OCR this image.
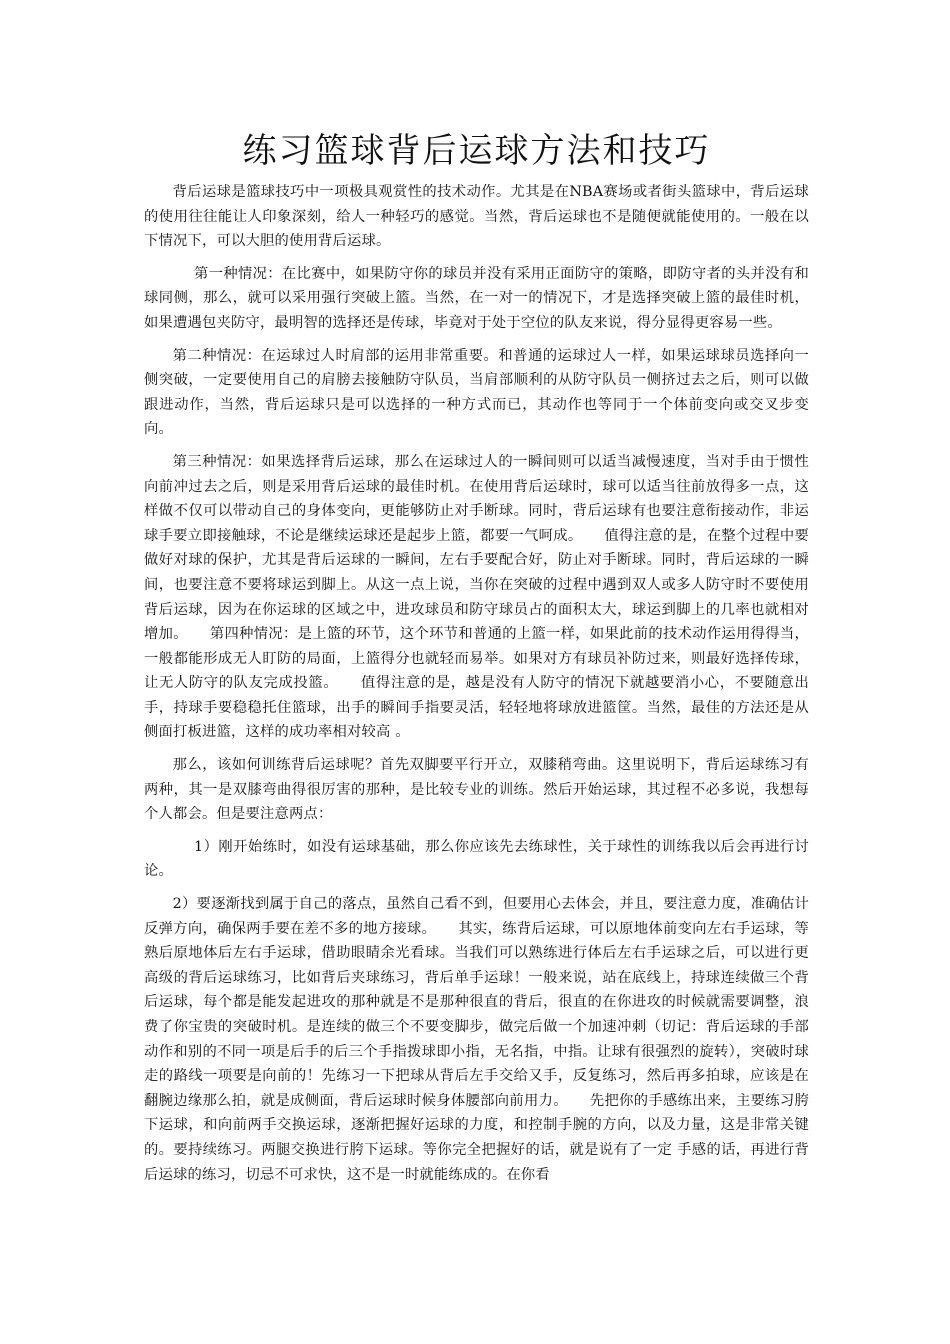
练习篮球背后运球方法和技巧

背后运球是篮球技巧中一项极具观赏性的技术动作。尤其是在NBA赛场或者街头篮球中，背后运球的使用往往能让人印象深刻，给人一种轻巧的感觉。当然，背后运球也不是随便就能使用的。一般在以下情况下，可以大胆的使用背后运球。

第一种情况：在比赛中，如果防守你的球员并没有采用正面防守的策略，即防守者的头并没有和球同侧，那么，就可以采用强行突破上篮。当然，在一对一的情况下，才是选择突破上篮的最佳时机，如果遭遇包夹防守，最明智的选择还是传球，毕竟对于处于空位的队友来说，得分显得更容易一些。

第二种情况：在运球过人时肩部的运用非常重要。和普通的运球过人一样，如果运球球员选择向一侧突破，一定要使用自己的肩膀去接触防守队员，当肩部顺利的从防守队员一侧挤过去之后，则可以做跟进动作，当然，背后运球只是可以选择的一种方式而已，其动作也等同于一个体前变向或交叉步变向。

第三种情况：如果选择背后运球，那么在运球过人的一瞬间则可以适当减慢速度，当对手由于惯性向前冲过去之后，则是采用背后运球的最佳时机。在使用背后运球时，球可以适当往前放得多一点，这样做不仅可以带动自己的身体变向，更能够防止对手断球。同时，背后运球有也要注意衔接动作，非运球手要立即接触球，不论是继续运球还是起步上篮，都要一气呵成。　　值得注意的是，在整个过程中要做好对球的保护，尤其是背后运球的一瞬间，左右手要配合好，防止对手断球。同时，背后运球的一瞬间，也要注意不要将球运到脚上。从这一点上说，当你在突破的过程中遇到双人或多人防守时不要使用背后运球，因为在你运球的区域之中，进攻球员和防守球员占的面积太大，球运到脚上的几率也就相对增加。　　第四种情况：是上篮的环节，这个环节和普通的上篮一样，如果此前的技术动作运用得得当，一般都能形成无人盯防的局面，上篮得分也就轻而易举。如果对方有球员补防过来，则最好选择传球，让无人防守的队友完成投篮。　　值得注意的是，越是没有人防守的情况下就越要消小心，不要随意出手，持球手要稳稳托住篮球，出手的瞬间手指要灵活，轻轻地将球放进篮筐。当然，最佳的方法还是从侧面打板进篮，这样的成功率相对较高 。

那么，该如何训练背后运球呢？首先双脚要平行开立，双膝稍弯曲。这里说明下，背后运球练习有两种，其一是双膝弯曲得很厉害的那种，是比较专业的训练。然后开始运球，其过程不必多说，我想每个人都会。但是要注意两点：

1）刚开始练时，如没有运球基础，那么你应该先去练球性，关于球性的训练我以后会再进行讨论。

2）要逐渐找到属于自己的落点，虽然自己看不到，但要用心去体会，并且，要注意力度，准确估计反弹方向，确保两手要在差不多的地方接球。　　其实，练背后运球，可以原地体前变向左右手运球，等熟后原地体后左右手运球，借助眼睛余光看球。当我们可以熟练进行体后左右手运球之后，可以进行更高级的背后运球练习，比如背后夹球练习，背后单手运球！一般来说，站在底线上，持球连续做三个背后运球，每个都是能发起进攻的那种就是不是那种很直的背后，很直的在你进攻的时候就需要调整，浪费了你宝贵的突破时机。是连续的做三个不要变脚步，做完后做一个加速冲刺（切记：背后运球的手部动作和别的不同一项是后手的后三个手指拨球即小指，无名指，中指。让球有很强烈的旋转），突破时球走的路线一项要是向前的！先练习一下把球从背后左手交给又手，反复练习，然后再多拍球，应该是在翻腕边缘那么拍，就是成侧面，背后运球时候身体腰部向前用力。　　先把你的手感练出来，主要练习胯下运球，和向前两手交换运球，逐渐把握好运球的力度，和控制手腕的方向，以及力量，这是非常关键的。要持续练习。两腿交换进行胯下运球。等你完全把握好的话，就是说有了一定 手感的话，再进行背后运球的练习，切忌不可求快，这不是一时就能练成的。在你看
